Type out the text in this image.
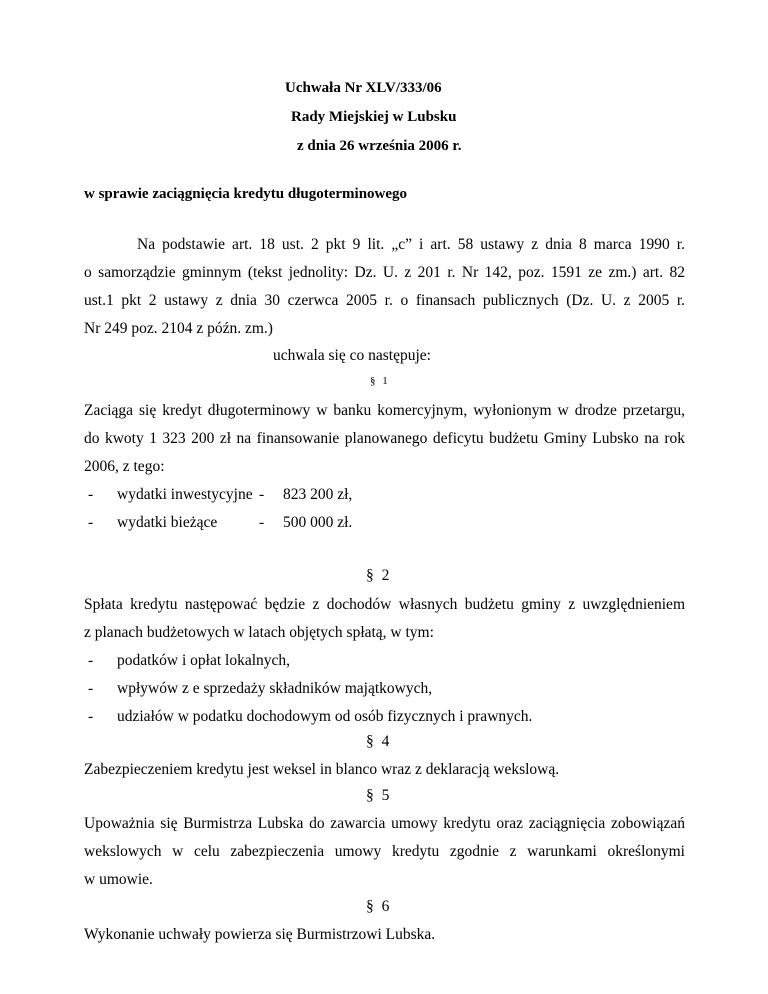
Uchwała Nr XLV/333/06
Rady Miejskiej w Lubsku
z dnia 26 września 2006 r.
w sprawie zaciągnięcia kredytu długoterminowego
Na podstawie art. 18 ust. 2 pkt 9 lit. „c” i art. 58 ustawy z dnia 8 marca 1990 r.
o samorządzie gminnym (tekst jednolity: Dz. U. z 201 r. Nr 142, poz. 1591 ze zm.) art. 82
ust.1 pkt 2 ustawy z dnia 30 czerwca 2005 r. o finansach publicznych (Dz. U. z 2005 r.
Nr 249 poz. 2104 z późn. zm.)
uchwala się co następuje:
§ 1
Zaciąga się kredyt długoterminowy w banku komercyjnym, wyłonionym w drodze przetargu,
do kwoty 1 323 200 zł na finansowanie planowanego deficytu budżetu Gminy Lubsko na rok
2006, z tego:
- wydatki inwestycyjne - 823 200 zł,
- wydatki bieżące	- 500 000 zł.
§ 2
Spłata kredytu następować będzie z dochodów własnych budżetu gminy z uwzględnieniem
z planach budżetowych w latach objętych spłatą, w tym:
- podatków i opłat lokalnych,
- wpływów z e sprzedaży składników majątkowych,
- udziałów w podatku dochodowym od osób fizycznych i prawnych.
§ 4
Zabezpieczeniem kredytu jest weksel in blanco wraz z deklaracją wekslową.
§ 5
Upoważnia się Burmistrza Lubska do zawarcia umowy kredytu oraz zaciągnięcia zobowiązań
wekslowych w celu zabezpieczenia umowy kredytu zgodnie z warunkami określonymi
w umowie.
§ 6
Wykonanie uchwały powierza się Burmistrzowi Lubska.
